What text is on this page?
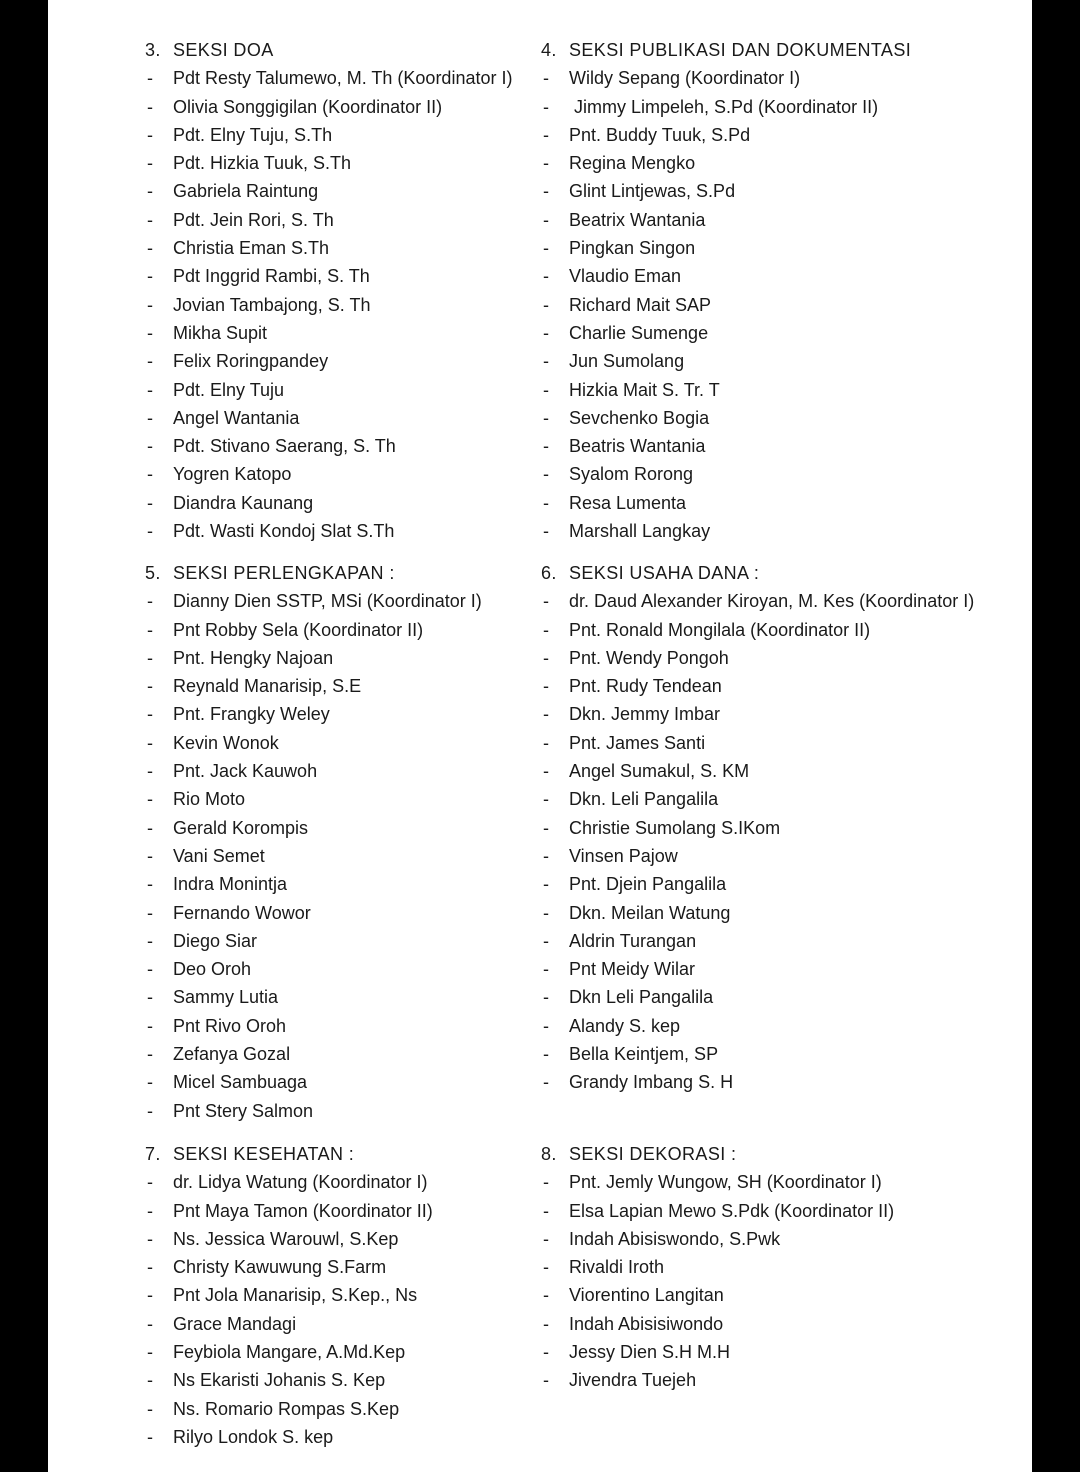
3. SEKSI DOA
- Pdt Resty Talumewo, M. Th (Koordinator I)
- Olivia Songgigilan (Koordinator II)
- Pdt. Elny Tuju, S.Th
- Pdt. Hizkia Tuuk, S.Th
- Gabriela Raintung
- Pdt. Jein Rori, S. Th
- Christia Eman S.Th
- Pdt Inggrid Rambi, S. Th
- Jovian Tambajong, S. Th
- Mikha Supit
- Felix Roringpandey
- Pdt. Elny Tuju
- Angel Wantania
- Pdt. Stivano Saerang, S. Th
- Yogren Katopo
- Diandra Kaunang
- Pdt. Wasti Kondoj Slat S.Th
4. SEKSI PUBLIKASI DAN DOKUMENTASI
- Wildy Sepang (Koordinator I)
- Jimmy Limpeleh, S.Pd (Koordinator II)
- Pnt. Buddy Tuuk, S.Pd
- Regina Mengko
- Glint Lintjewas, S.Pd
- Beatrix Wantania
- Pingkan Singon
- Vlaudio Eman
- Richard Mait SAP
- Charlie Sumenge
- Jun Sumolang
- Hizkia Mait S. Tr. T
- Sevchenko Bogia
- Beatris Wantania
- Syalom Rorong
- Resa Lumenta
- Marshall Langkay
5. SEKSI PERLENGKAPAN :
- Dianny Dien SSTP, MSi (Koordinator I)
- Pnt Robby Sela (Koordinator II)
- Pnt. Hengky Najoan
- Reynald Manarisip, S.E
- Pnt. Frangky Weley
- Kevin Wonok
- Pnt. Jack Kauwoh
- Rio Moto
- Gerald Korompis
- Vani Semet
- Indra Monintja
- Fernando Wowor
- Diego Siar
- Deo Oroh
- Sammy Lutia
- Pnt Rivo Oroh
- Zefanya Gozal
- Micel Sambuaga
- Pnt Stery Salmon
6. SEKSI USAHA DANA :
- dr. Daud Alexander Kiroyan, M. Kes (Koordinator I)
- Pnt. Ronald Mongilala (Koordinator II)
- Pnt. Wendy Pongoh
- Pnt. Rudy Tendean
- Dkn. Jemmy Imbar
- Pnt. James Santi
- Angel Sumakul, S. KM
- Dkn. Leli Pangalila
- Christie Sumolang S.IKom
- Vinsen Pajow
- Pnt. Djein Pangalila
- Dkn. Meilan Watung
- Aldrin Turangan
- Pnt Meidy Wilar
- Dkn Leli Pangalila
- Alandy S. kep
- Bella Keintjem, SP
- Grandy Imbang S. H
7. SEKSI KESEHATAN :
- dr. Lidya Watung (Koordinator I)
- Pnt Maya Tamon (Koordinator II)
- Ns. Jessica Warouwl, S.Kep
- Christy Kawuwung S.Farm
- Pnt Jola Manarisip, S.Kep., Ns
- Grace Mandagi
- Feybiola Mangare, A.Md.Kep
- Ns Ekaristi Johanis S. Kep
- Ns. Romario Rompas S.Kep
- Rilyo Londok S. kep
8. SEKSI DEKORASI :
- Pnt. Jemly Wungow, SH (Koordinator I)
- Elsa Lapian Mewo S.Pdk (Koordinator II)
- Indah Abisiswondo, S.Pwk
- Rivaldi Iroth
- Viorentino Langitan
- Indah Abisisiwondo
- Jessy Dien S.H M.H
- Jivendra Tuejeh
